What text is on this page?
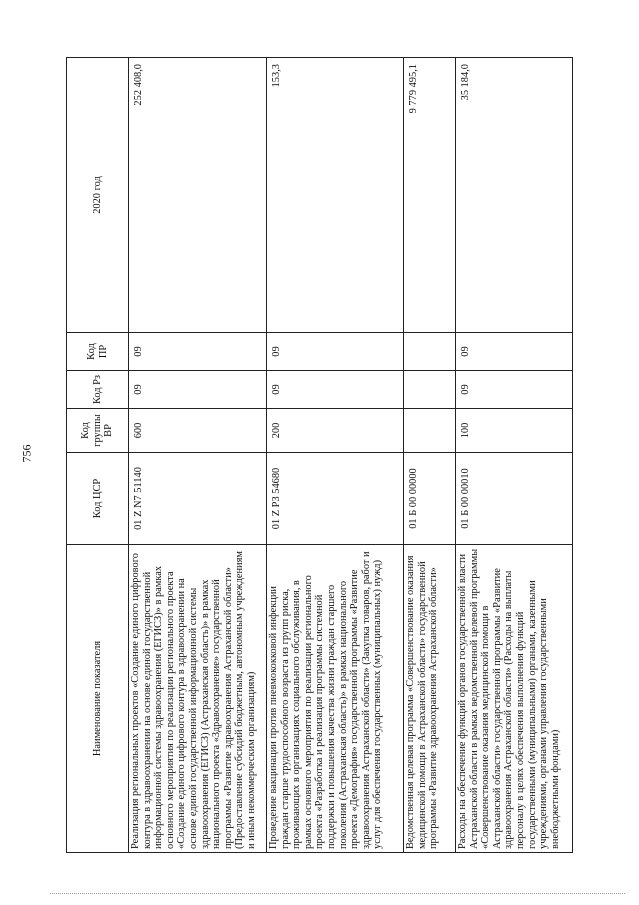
756
Наименование показателя	Код ЦСР	Код группы ВР	Код Рз	Код ПР	2020 год
Реализация региональных проектов «Создание единого цифрового контура в здравоохранении на основе единой государственной информационной системы здравоохранения (ЕГИСЗ)» в рамках основного мероприятия по реализации регионального проекта «Создание единого цифрового контура в здравоохранении на основе единой государственной информационной системы здравоохранения (ЕГИСЗ) (Астраханская область)» в рамках национального проекта «Здравоохранение» государственной программы «Развитие здравоохранения Астраханской области» (Предоставление субсидий бюджетным, автономным учреждениям и иным некоммерческим организациям)	01 Z N7 51140	600	09	09	252 408,0
Проведение вакцинации против пневмококковой инфекции граждан старше трудоспособного возраста из групп риска, проживающих в организациях социального обслуживания, в рамках основного мероприятия по реализации регионального проекта «Разработка и реализация программы системной поддержки и повышения качества жизни граждан старшего поколения (Астраханская область)» в рамках национального проекта «Демография» государственной программы «Развитие здравоохранения Астраханской области» (Закупка товаров, работ и услуг для обеспечения государственных (муниципальных) нужд)	01 Z P3 54680	200	09	09	153,3
Ведомственная целевая программа «Совершенствование оказания медицинской помощи в Астраханской области» государственной программы «Развитие здравоохранения Астраханской области»	01 Б 00 00000				9 779 495,1
Расходы на обеспечение функций органов государственной власти Астраханской области в рамках ведомственной целевой программы «Совершенствование оказания медицинской помощи в Астраханской области» государственной программы «Развитие здравоохранения Астраханской области» (Расходы на выплаты персоналу в целях обеспечения выполнения функций государственными (муниципальными) органами, казенными учреждениями, органами управления государственными внебюджетными фондами)	01 Б 00 00010	100	09	09	35 184,0
